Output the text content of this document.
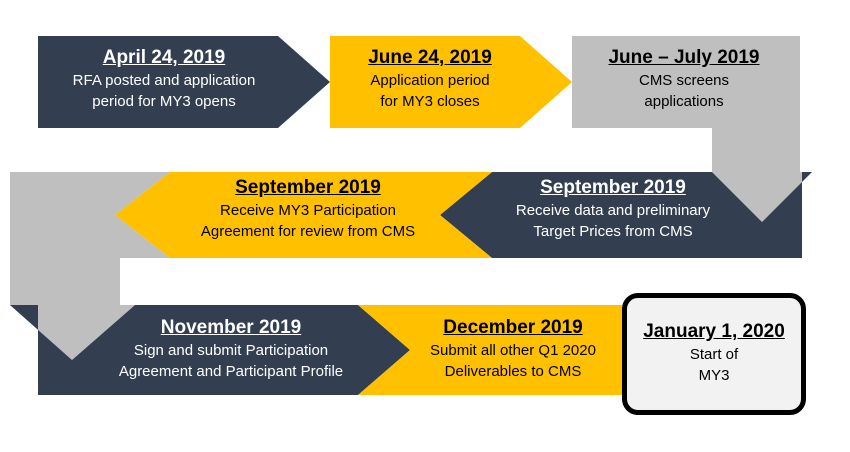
April 24, 2019
RFA posted and application
period for MY3 opens
June 24, 2019
Application period
for MY3 closes
June – July 2019
CMS screens
applications
September 2019
Receive data and preliminary
Target Prices from CMS
September 2019
Receive MY3 Participation
Agreement for review from CMS
November 2019
Sign and submit Participation
Agreement and Participant Profile
December 2019
Submit all other Q1 2020
Deliverables to CMS
January 1, 2020
Start of
MY3
